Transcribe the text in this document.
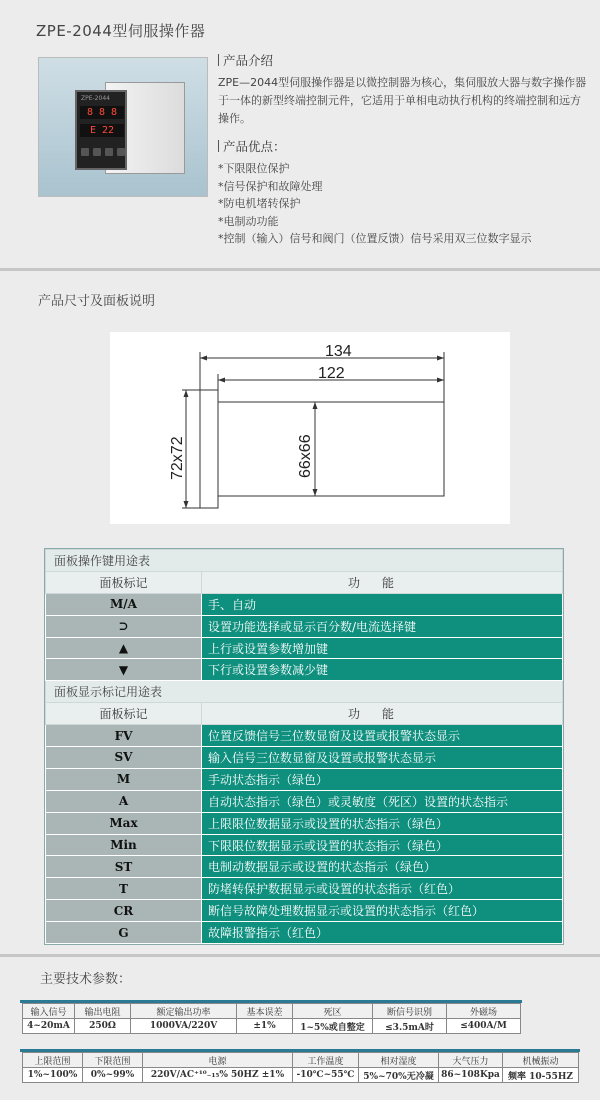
ZPE-2044型伺服操作器
ZPE-2044
8 8 8
E 22
产品介绍

ZPE—2044型伺服操作器是以微控制器为核心，集伺服放大器与数字操作器于一体的新型终端控制元件，它适用于单相电动执行机构的终端控制和远方操作。

产品优点：
* 下限限位保护
* 信号保护和故障处理
* 防电机堵转保护
* 电制动功能
* 控制（输入）信号和阀门（位置反馈）信号采用双三位数字显示
产品尺寸及面板说明
134
122
72x72	66x66
面板操作键用途表	
面板标记	功能
M/A	手、自动
⊃	设置功能选择或显示百分数/电流选择键
▲	上行或设置参数增加键
▼	下行或设置参数减少键
面板显示标记用途表	
面板标记	功能
FV	位置反馈信号三位数显窗及设置或报警状态显示
SV	输入信号三位数显窗及设置或报警状态显示
M	手动状态指示（绿色）
A	自动状态指示（绿色）或灵敏度（死区）设置的状态指示
Max	上限限位数据显示或设置的状态指示（绿色）
Min	下限限位数据显示或设置的状态指示（绿色）
ST	电制动数据显示或设置的状态指示（绿色）
T	防堵转保护数据显示或设置的状态指示（红色）
CR	断信号故障处理数据显示或设置的状态指示（红色）
G	故障报警指示（红色）
主要技术参数：
输入信号	输出电阻	额定输出功率	基本误差	死区	断信号识别	外磁场
4~20mA	250Ω	1000VA/220V	±1%	1~5%或自整定	≤3.5mA时	≤400A/M
上限范围	下限范围	电源	工作温度	相对湿度	大气压力	机械振动
1%~100%	0%~99%	220V/AC⁺¹⁰₋₁₅% 50HZ ±1%	-10℃~55℃	5%~70%无冷凝	86~108Kpa	频率 10-55HZ
